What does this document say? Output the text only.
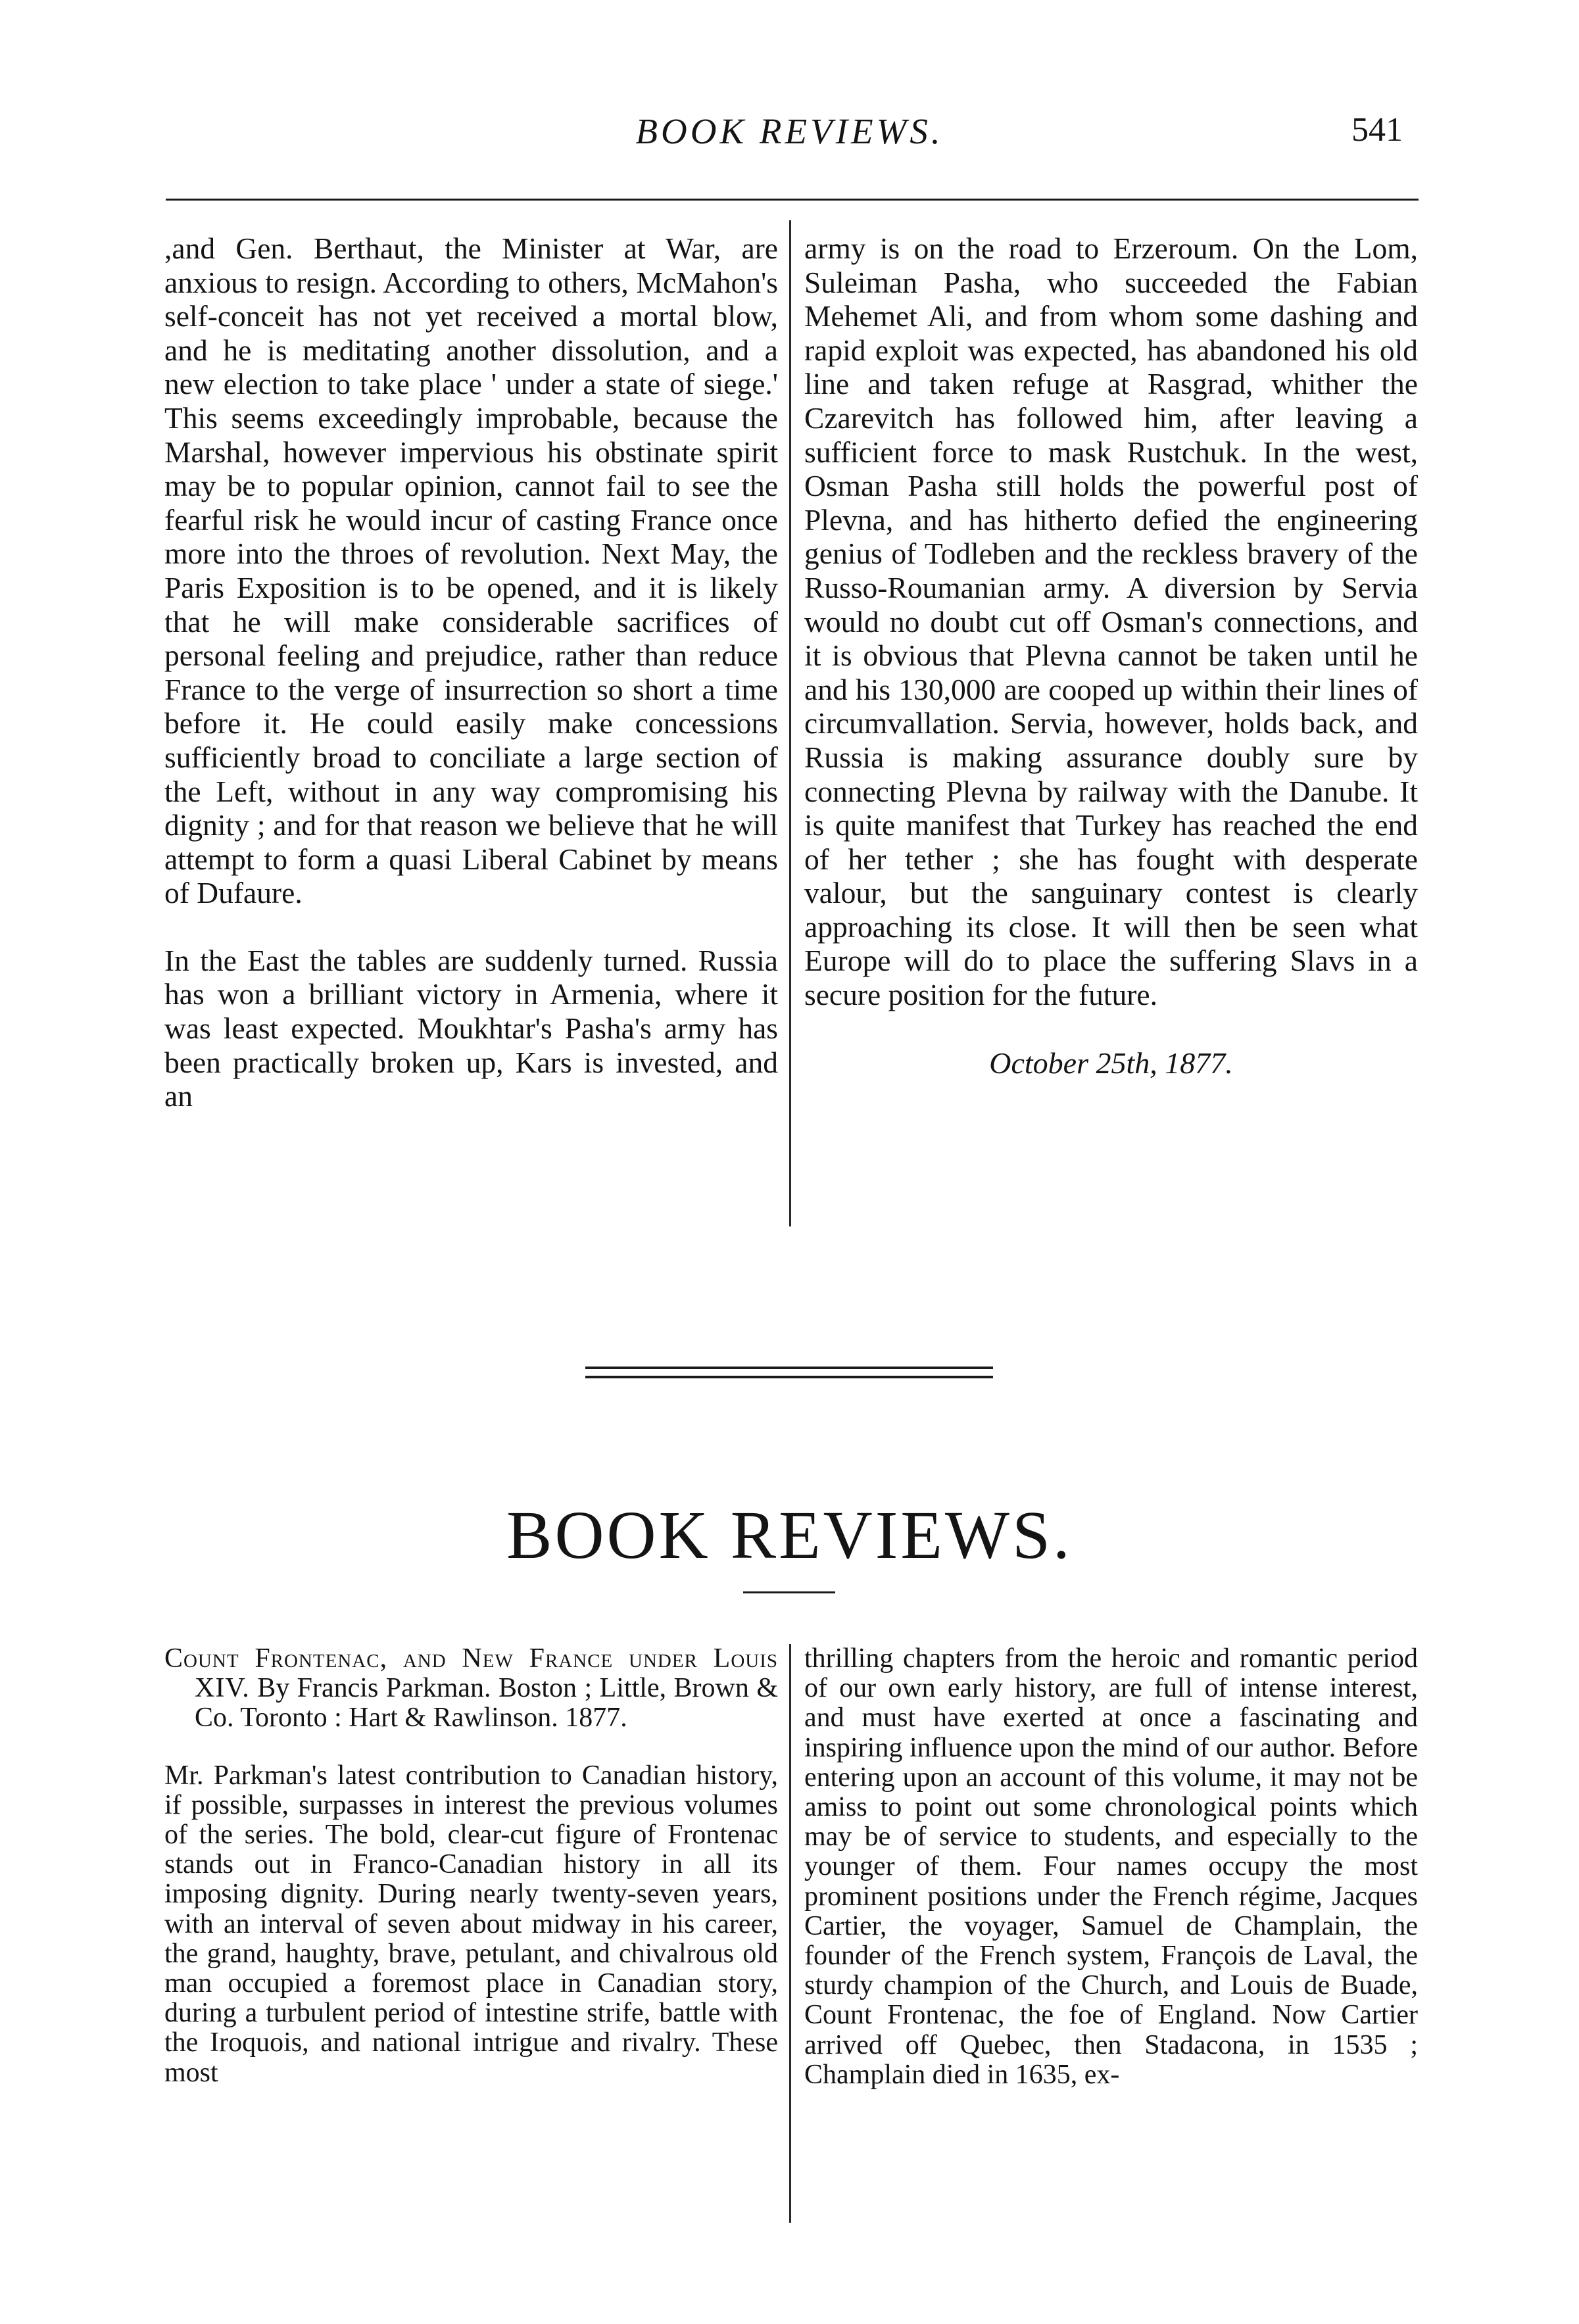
BOOK REVIEWS.	541

,and Gen. Berthaut, the Minister at War, are anxious to resign. According to others, McMahon's self-conceit has not yet received a mortal blow, and he is meditating another dissolution, and a new election to take place ' under a state of siege.' This seems exceedingly improbable, because the Marshal, however impervious his obstinate spirit may be to popular opinion, cannot fail to see the fearful risk he would incur of casting France once more into the throes of revolution. Next May, the Paris Exposition is to be opened, and it is likely that he will make considerable sacrifices of personal feeling and prejudice, rather than reduce France to the verge of insurrection so short a time before it. He could easily make concessions sufficiently broad to conciliate a large section of the Left, without in any way compromising his dignity ; and for that reason we believe that he will attempt to form a quasi Liberal Cabinet by means of Dufaure.

In the East the tables are suddenly turned. Russia has won a brilliant victory in Armenia, where it was least expected. Moukhtar's Pasha's army has been practically broken up, Kars is invested, and an

army is on the road to Erzeroum. On the Lom, Suleiman Pasha, who succeeded the Fabian Mehemet Ali, and from whom some dashing and rapid exploit was expected, has abandoned his old line and taken refuge at Rasgrad, whither the Czarevitch has followed him, after leaving a sufficient force to mask Rustchuk. In the west, Osman Pasha still holds the powerful post of Plevna, and has hitherto defied the engineering genius of Todleben and the reckless bravery of the Russo-Roumanian army. A diversion by Servia would no doubt cut off Osman's connections, and it is obvious that Plevna cannot be taken until he and his 130,000 are cooped up within their lines of circumvallation. Servia, however, holds back, and Russia is making assurance doubly sure by connecting Plevna by railway with the Danube. It is quite manifest that Turkey has reached the end of her tether ; she has fought with desperate valour, but the sanguinary contest is clearly approaching its close. It will then be seen what Europe will do to place the suffering Slavs in a secure position for the future.

October 25th, 1877.
BOOK REVIEWS.

Count Frontenac, and New France under Louis XIV. By Francis Parkman. Boston ; Little, Brown & Co. Toronto : Hart & Rawlinson. 1877.

Mr. Parkman's latest contribution to Canadian history, if possible, surpasses in interest the previous volumes of the series. The bold, clear-cut figure of Frontenac stands out in Franco-Canadian history in all its imposing dignity. During nearly twenty-seven years, with an interval of seven about midway in his career, the grand, haughty, brave, petulant, and chivalrous old man occupied a foremost place in Canadian story, during a turbulent period of intestine strife, battle with the Iroquois, and national intrigue and rivalry. These most

thrilling chapters from the heroic and romantic period of our own early history, are full of intense interest, and must have exerted at once a fascinating and inspiring influence upon the mind of our author. Before entering upon an account of this volume, it may not be amiss to point out some chronological points which may be of service to students, and especially to the younger of them. Four names occupy the most prominent positions under the French régime, Jacques Cartier, the voyager, Samuel de Champlain, the founder of the French system, François de Laval, the sturdy champion of the Church, and Louis de Buade, Count Frontenac, the foe of England. Now Cartier arrived off Quebec, then Stadacona, in 1535 ; Champlain died in 1635, ex-
